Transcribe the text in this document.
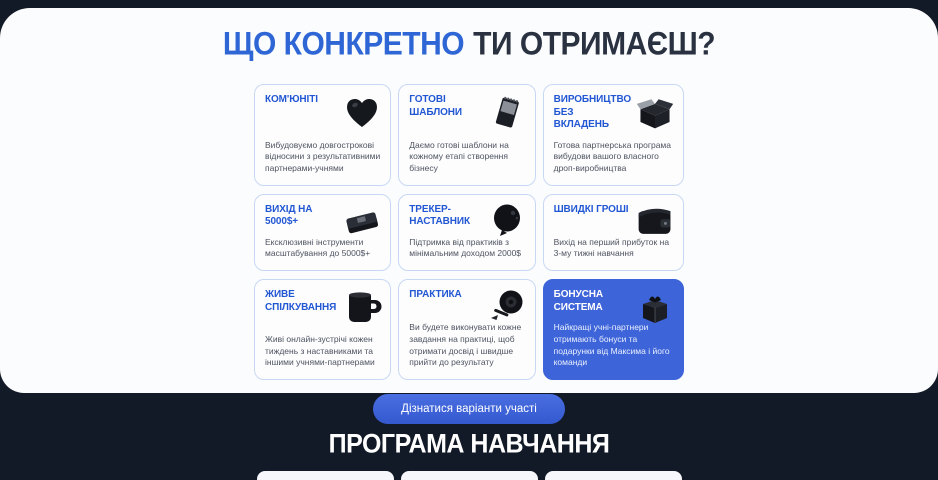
ЩО КОНКРЕТНО ТИ ОТРИМАЄШ?
КОМ'ЮНІТІ
Вибудовуємо довгострокові відносини з результативними партнерами-учнями
ГОТОВІ ШАБЛОНИ
Даємо готові шаблони на кожному етапі створення бізнесу
ВИРОБНИЦТВО БЕЗ ВКЛАДЕНЬ
Готова партнерська програма вибудови вашого власного дроп-виробництва
ВИХІД НА 5000$+
Ексклюзивні інструменти масштабування до 5000$+
ТРЕКЕР-НАСТАВНИК
Підтримка від практиків з мінімальним доходом 2000$
ШВИДКІ ГРОШІ
Вихід на перший прибуток на 3-му тижні навчання
ЖИВЕ СПІЛКУВАННЯ
Живі онлайн-зустрічі кожен тиждень з наставниками та іншими учнями-партнерами
ПРАКТИКА
Ви будете виконувати кожне завдання на практиці, щоб отримати досвід і швидше прийти до результату
БОНУСНА СИСТЕМА
Найкращі учні-партнери отримають бонуси та подарунки від Максима і його команди
Дізнатися варіанти участі
ПРОГРАМА НАВЧАННЯ
